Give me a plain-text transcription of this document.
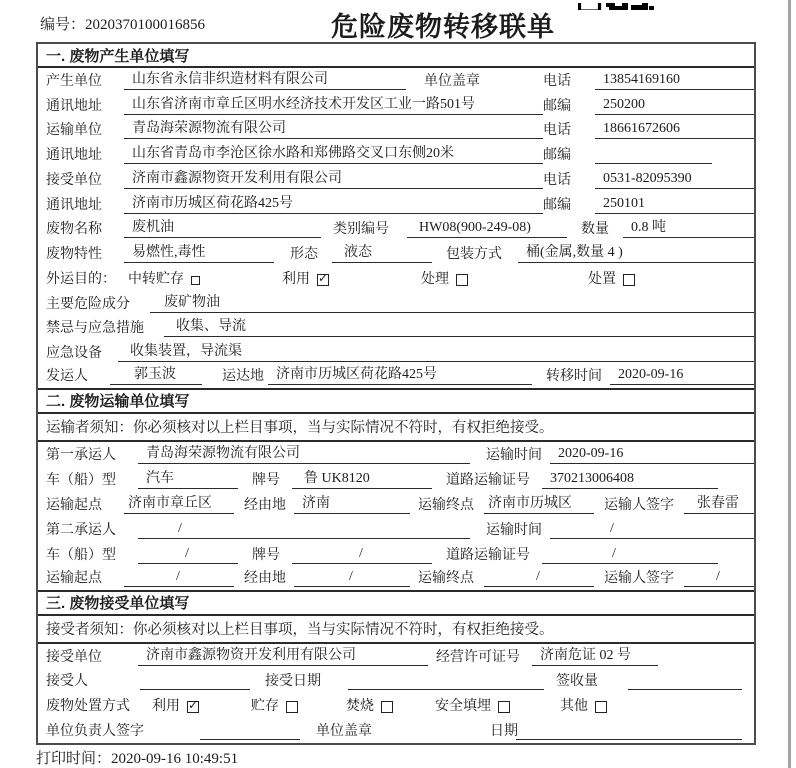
编号：2020370100016856	危险废物转移联单
一. 废物产生单位填写
产生单位	山东省永信非织造材料有限公司	单位盖章	电话	13854169160
通讯地址	山东省济南市章丘区明水经济技术开发区工业一路501号	邮编	250200
运输单位	青岛海荣源物流有限公司	电话	18661672606
通讯地址	山东省青岛市李沧区徐水路和郑佛路交叉口东侧20米	邮编
接受单位	济南市鑫源物资开发利用有限公司	电话	0531-82095390
通讯地址	济南市历城区荷花路425号	邮编	250101
废物名称	废机油	类别编号	HW08(900-249-08)	数量	0.8 吨
废物特性	易燃性,毒性	形态	液态	包装方式	桶(金属,数量 4 )
外运目的： 中转贮存	利用 ✓	处理	处置
主要危险成分	废矿物油
禁忌与应急措施	收集、导流
应急设备	收集装置，导流渠
发运人	郭玉波	运达地 济南市历城区荷花路425号	转移时间	2020-09-16
二. 废物运输单位填写
运输者须知：你必须核对以上栏目事项，当与实际情况不符时，有权拒绝接受。
第一承运人	青岛海荣源物流有限公司	运输时间	2020-09-16
车（船）型	汽车	牌号	鲁 UK8120	道路运输证号	370213006408
运输起点	济南市章丘区	经由地	济南	运输终点	济南市历城区	运输人签字	张春雷
第二承运人	/	运输时间	/
车（船）型	/	牌号	/	道路运输证号	/
运输起点	/	经由地	/	运输终点	/	运输人签字	/
三. 废物接受单位填写
接受者须知：你必须核对以上栏目事项，当与实际情况不符时，有权拒绝接受。
接受单位	济南市鑫源物资开发利用有限公司	经营许可证号	济南危证 02 号
接受人	接受日期	签收量
废物处置方式 利用 ✓	贮存	焚烧	安全填埋	其他
单位负责人签字	单位盖章	日期
打印时间：2020-09-16 10:49:51
